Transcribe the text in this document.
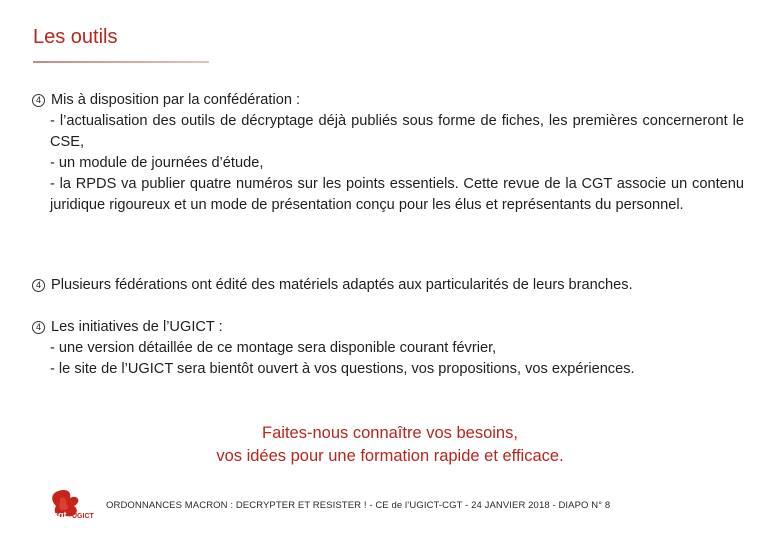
Les outils
4 Mis à disposition par la confédération :
- l’actualisation des outils de décryptage déjà publiés sous forme de fiches, les premières concerneront le CSE,
- un module de journées d’étude,
- la RPDS va publier quatre numéros sur les points essentiels. Cette revue de la CGT associe un contenu juridique rigoureux et un mode de présentation conçu pour les élus et représentants du personnel.
4 Plusieurs fédérations ont édité des matériels adaptés aux particularités de leurs branches.
4 Les initiatives de l’UGICT :
- une version détaillée de ce montage sera disponible courant février,
- le site de l’UGICT sera bientôt ouvert à vos questions, vos propositions, vos expériences.
Faites-nous connaître vos besoins,
vos idées pour une formation rapide et efficace.
cgt UGICT
ORDONNANCES MACRON : DECRYPTER ET RESISTER ! - CE de l’UGICT-CGT - 24 JANVIER 2018 - DIAPO N° 8
